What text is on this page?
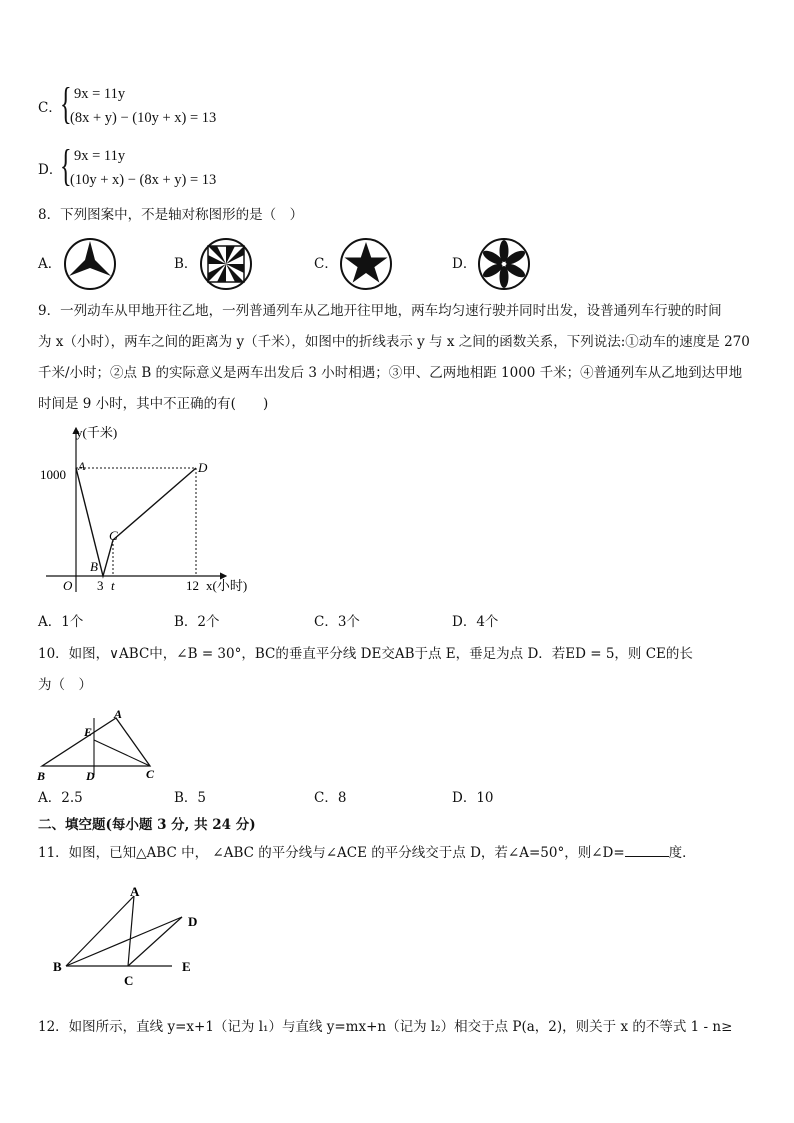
C．
{ 9x = 11y
(8x + y) − (10y + x) = 13
D．
{ 9x = 11y
(10y + x) − (8x + y) = 13
8．下列图案中，不是轴对称图形的是（　）
A．	B．	C．	D．
9．一列动车从甲地开往乙地，一列普通列车从乙地开往甲地，两车均匀速行驶并同时出发，设普通列车行驶的时间
为 x（小时），两车之间的距离为 y（千米），如图中的折线表示 y 与 x 之间的函数关系，下列说法:①动车的速度是 270
千米/小时；②点 B 的实际意义是两车出发后 3 小时相遇；③甲、乙两地相距 1000 千米；④普通列车从乙地到达甲地
时间是 9 小时，其中不正确的有(　　)
y(千米)
1000
A	D
C
B
O 3 t	12 x(小时)
A．1个	B．2个	C．3个	D．4个
10．如图，∨ABC中，∠B = 30°，BC的垂直平分线 DE交AB于点 E，垂足为点 D．若ED = 5，则 CE的长
为（　）
A
E
B	D	C
A．2.5	B．5	C．8	D．10
二、填空题(每小题 3 分, 共 24 分)
11．如图，已知△ABC 中， ∠ABC 的平分线与∠ACE 的平分线交于点 D，若∠A=50°，则∠D=	度．
A
D
B	E
C
12．如图所示，直线 y=x+1（记为 l₁）与直线 y=mx+n（记为 l₂）相交于点 P(a，2)，则关于 x 的不等式 1 - n≥
